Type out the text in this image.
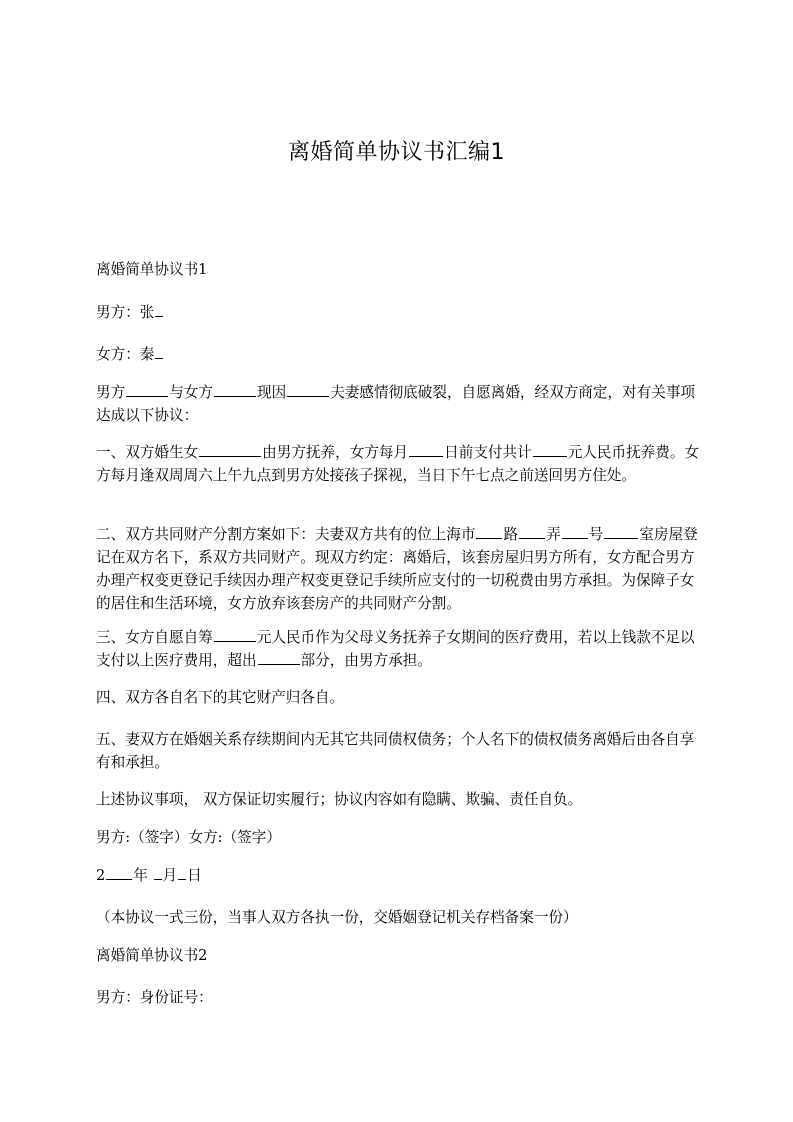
离婚简单协议书汇编1

离婚简单协议书1

男方：张

女方：秦

男方	与女方	现因	夫妻感情彻底破裂，自愿离婚，经双方商定，对有关事项达成以下协议：

一、双方婚生女	由男方抚养，女方每月 日前支付共计 元人民币抚养费。女方每月逢双周周六上午九点到男方处接孩子探视，当日下午七点之前送回男方住处。

二、双方共同财产分割方案如下：夫妻双方共有的位上海市 路 弄 号 室房屋登记在双方名下，系双方共同财产。现双方约定：离婚后，该套房屋归男方所有，女方配合男方办理产权变更登记手续因办理产权变更登记手续所应支付的一切税费由男方承担。为保障子女的居住和生活环境，女方放弃该套房产的共同财产分割。

三、女方自愿自筹	元人民币作为父母义务抚养子女期间的医疗费用，若以上钱款不足以支付以上医疗费用，超出	部分，由男方承担。

四、双方各自名下的其它财产归各自。

五、妻双方在婚姻关系存续期间内无其它共同债权债务；个人名下的债权债务离婚后由各自享有和承担。

上述协议事项， 双方保证切实履行；协议内容如有隐瞒、欺骗、责任自负。

男方:（签字）女方:（签字）

2 年 月 日

（本协议一式三份，当事人双方各执一份，交婚姻登记机关存档备案一份）

离婚简单协议书2

男方：身份证号：
